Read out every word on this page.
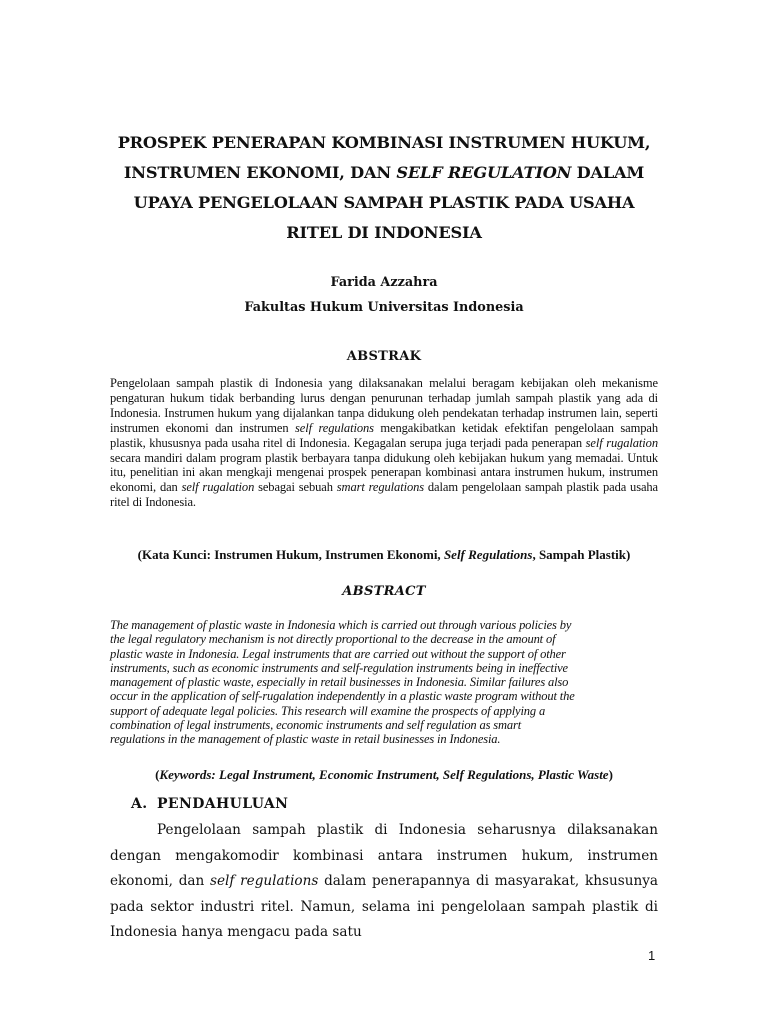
PROSPEK PENERAPAN KOMBINASI INSTRUMEN HUKUM,
INSTRUMEN EKONOMI, DAN SELF REGULATION DALAM
UPAYA PENGELOLAAN SAMPAH PLASTIK PADA USAHA
RITEL DI INDONESIA
Farida Azzahra
Fakultas Hukum Universitas Indonesia
ABSTRAK
Pengelolaan sampah plastik di Indonesia yang dilaksanakan melalui beragam kebijakan oleh mekanisme pengaturan hukum tidak berbanding lurus dengan penurunan terhadap jumlah sampah plastik yang ada di Indonesia. Instrumen hukum yang dijalankan tanpa didukung oleh pendekatan terhadap instrumen lain, seperti instrumen ekonomi dan instrumen self regulations mengakibatkan ketidak efektifan pengelolaan sampah plastik, khususnya pada usaha ritel di Indonesia. Kegagalan serupa juga terjadi pada penerapan self rugalation secara mandiri dalam program plastik berbayara tanpa didukung oleh kebijakan hukum yang memadai. Untuk itu, penelitian ini akan mengkaji mengenai prospek penerapan kombinasi antara instrumen hukum, instrumen ekonomi, dan self rugalation sebagai sebuah smart regulations dalam pengelolaan sampah plastik pada usaha ritel di Indonesia.
(Kata Kunci: Instrumen Hukum, Instrumen Ekonomi, Self Regulations, Sampah Plastik)
ABSTRACT
The management of plastic waste in Indonesia which is carried out through various policies by
the legal regulatory mechanism is not directly proportional to the decrease in the amount of
plastic waste in Indonesia. Legal instruments that are carried out without the support of other
instruments, such as economic instruments and self-regulation instruments being in ineffective
management of plastic waste, especially in retail businesses in Indonesia. Similar failures also
occur in the application of self-rugalation independently in a plastic waste program without the
support of adequate legal policies. This research will examine the prospects of applying a
combination of legal instruments, economic instruments and self regulation as smart
regulations in the management of plastic waste in retail businesses in Indonesia.
(Keywords: Legal Instrument, Economic Instrument, Self Regulations, Plastic Waste)
A. PENDAHULUAN

Pengelolaan sampah plastik di Indonesia seharusnya dilaksanakan dengan mengakomodir kombinasi antara instrumen hukum, instrumen ekonomi, dan self regulations dalam penerapannya di masyarakat, khsusunya pada sektor industri ritel. Namun, selama ini pengelolaan sampah plastik di Indonesia hanya mengacu pada satu

1
